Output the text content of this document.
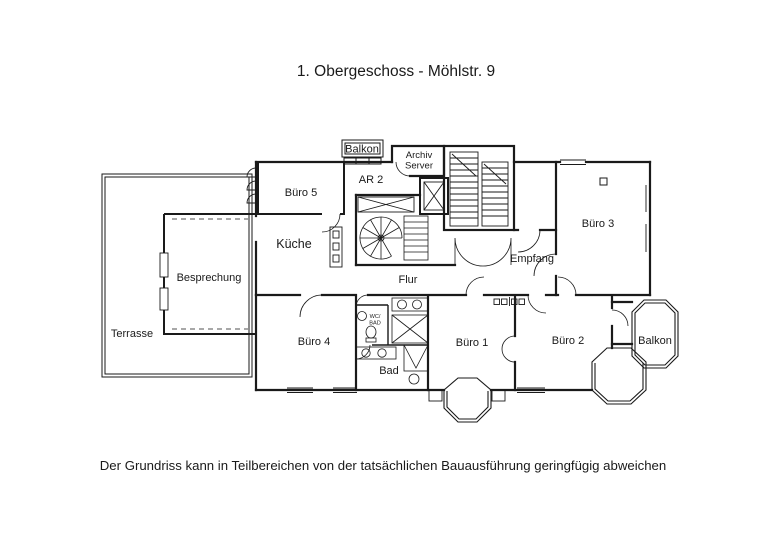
1. Obergeschoss - Möhlstr. 9
Der Grundriss kann in Teilbereichen von der tatsächlichen Bauausführung geringfügig abweichen
Balkon	Archiv
Server
AR 2
Büro 5
Küche
Besprechung
Terrasse
Flur
Empfang
Büro 3
Büro 4
WC/
BAD
Bad
Büro 1	Büro 2	Balkon
